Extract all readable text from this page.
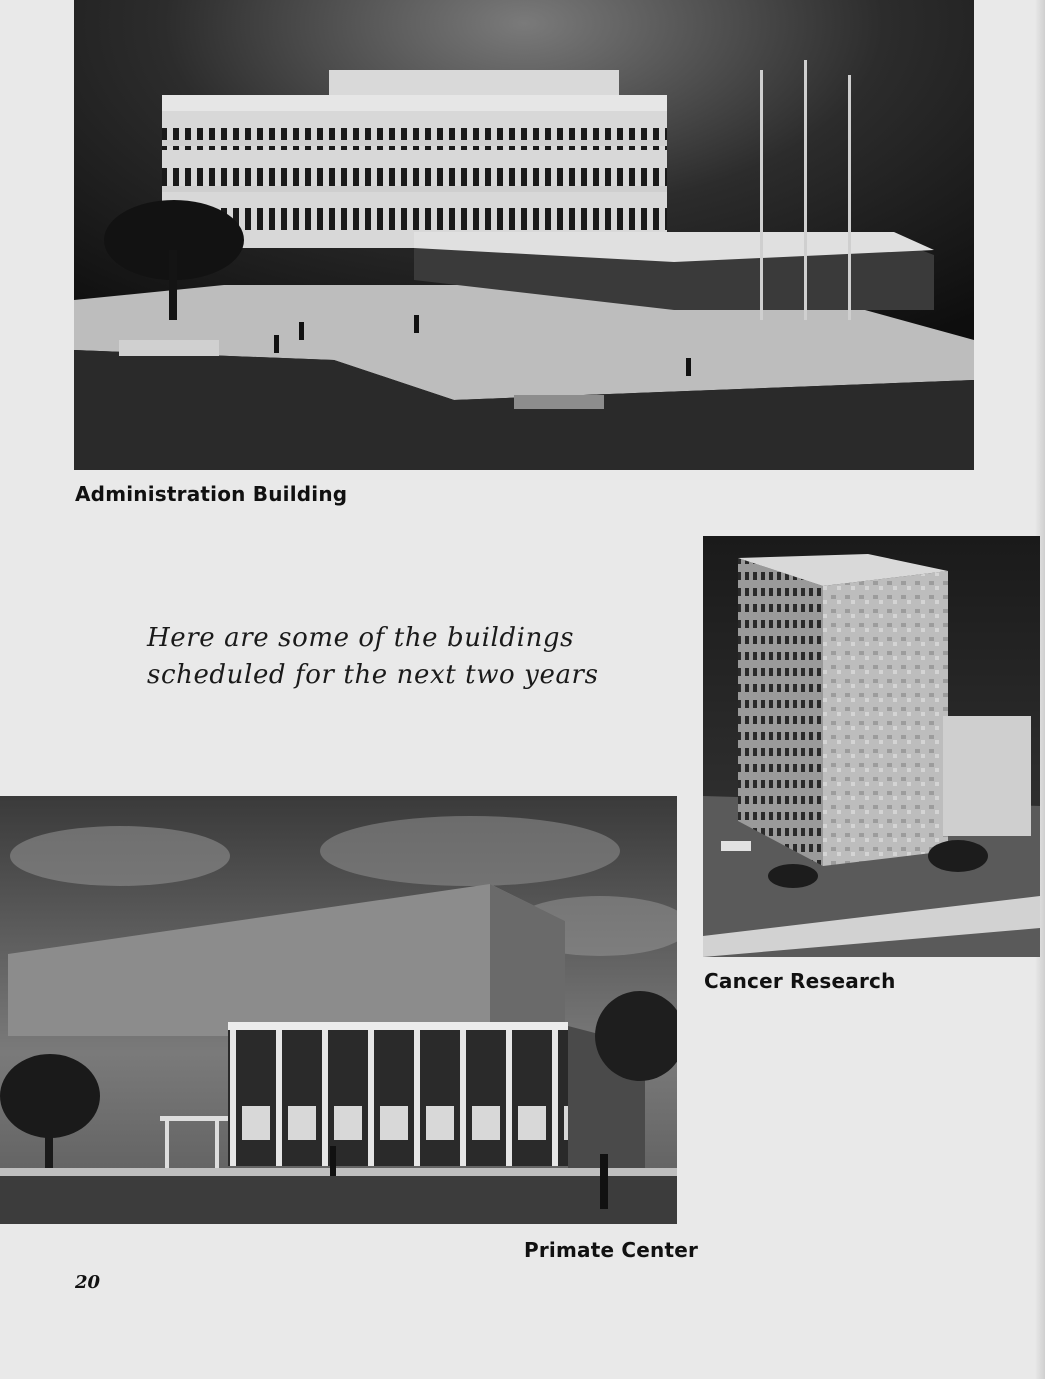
Administration Building
Here are some of the buildings
scheduled for the next two years
Cancer Research
Primate Center
20
